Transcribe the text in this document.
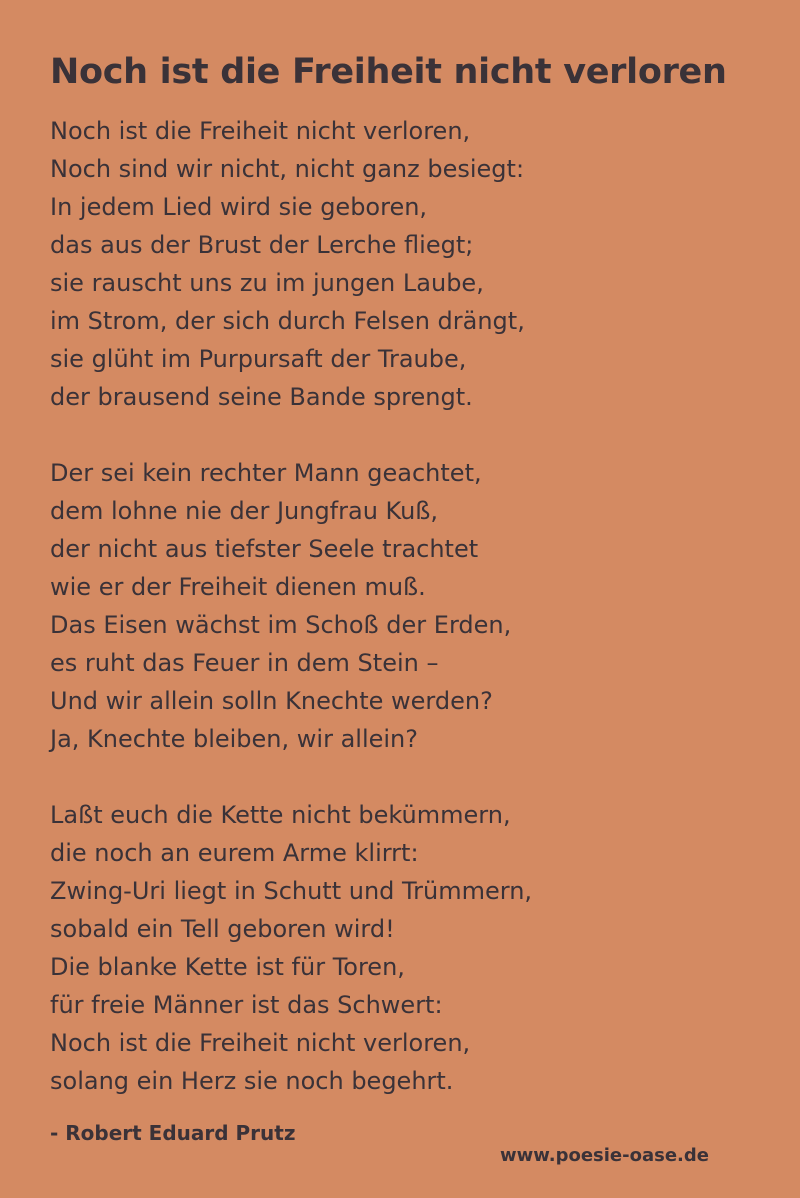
Noch ist die Freiheit nicht verloren
Noch ist die Freiheit nicht verloren,
Noch sind wir nicht, nicht ganz besiegt:
In jedem Lied wird sie geboren,
das aus der Brust der Lerche fliegt;
sie rauscht uns zu im jungen Laube,
im Strom, der sich durch Felsen drängt,
sie glüht im Purpursaft der Traube,
der brausend seine Bande sprengt.
Der sei kein rechter Mann geachtet,
dem lohne nie der Jungfrau Kuß,
der nicht aus tiefster Seele trachtet
wie er der Freiheit dienen muß.
Das Eisen wächst im Schoß der Erden,
es ruht das Feuer in dem Stein –
Und wir allein solln Knechte werden?
Ja, Knechte bleiben, wir allein?
Laßt euch die Kette nicht bekümmern,
die noch an eurem Arme klirrt:
Zwing-Uri liegt in Schutt und Trümmern,
sobald ein Tell geboren wird!
Die blanke Kette ist für Toren,
für freie Männer ist das Schwert:
Noch ist die Freiheit nicht verloren,
solang ein Herz sie noch begehrt.
- Robert Eduard Prutz
www.poesie-oase.de
